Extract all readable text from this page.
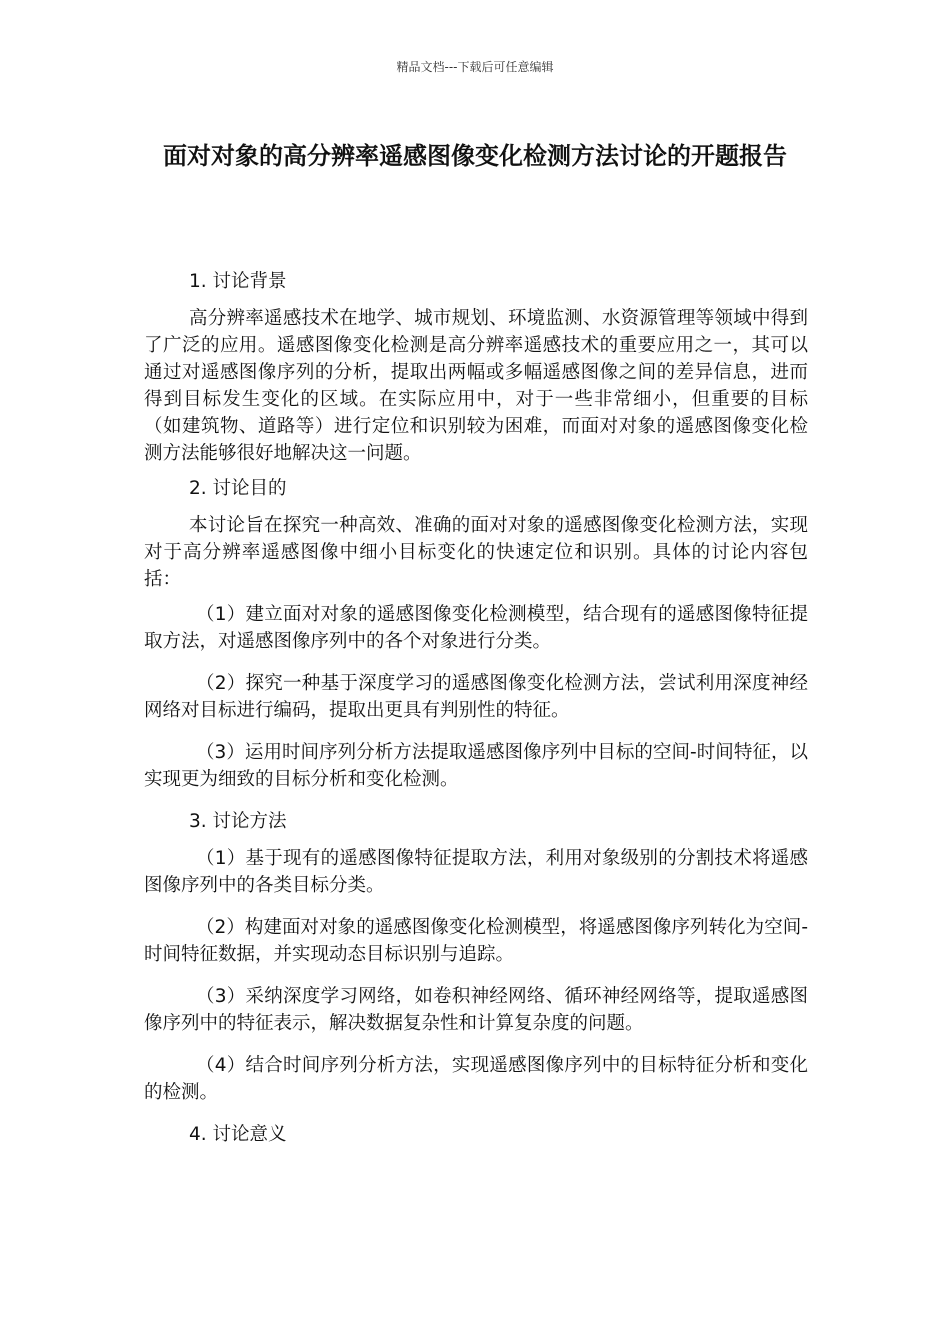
精品文档---下载后可任意编辑
面对对象的高分辨率遥感图像变化检测方法讨论的开题报告

1. 讨论背景

高分辨率遥感技术在地学、城市规划、环境监测、水资源管理等领域中得到了广泛的应用。遥感图像变化检测是高分辨率遥感技术的重要应用之一，其可以通过对遥感图像序列的分析，提取出两幅或多幅遥感图像之间的差异信息，进而得到目标发生变化的区域。在实际应用中，对于一些非常细小，但重要的目标（如建筑物、道路等）进行定位和识别较为困难，而面对对象的遥感图像变化检测方法能够很好地解决这一问题。

2. 讨论目的

本讨论旨在探究一种高效、准确的面对对象的遥感图像变化检测方法，实现对于高分辨率遥感图像中细小目标变化的快速定位和识别。具体的讨论内容包括：

（1）建立面对对象的遥感图像变化检测模型，结合现有的遥感图像特征提取方法，对遥感图像序列中的各个对象进行分类。

（2）探究一种基于深度学习的遥感图像变化检测方法，尝试利用深度神经网络对目标进行编码，提取出更具有判别性的特征。

（3）运用时间序列分析方法提取遥感图像序列中目标的空间-时间特征，以实现更为细致的目标分析和变化检测。

3. 讨论方法

（1）基于现有的遥感图像特征提取方法，利用对象级别的分割技术将遥感图像序列中的各类目标分类。

（2）构建面对对象的遥感图像变化检测模型，将遥感图像序列转化为空间-时间特征数据，并实现动态目标识别与追踪。

（3）采纳深度学习网络，如卷积神经网络、循环神经网络等，提取遥感图像序列中的特征表示，解决数据复杂性和计算复杂度的问题。

（4）结合时间序列分析方法，实现遥感图像序列中的目标特征分析和变化的检测。

4. 讨论意义
